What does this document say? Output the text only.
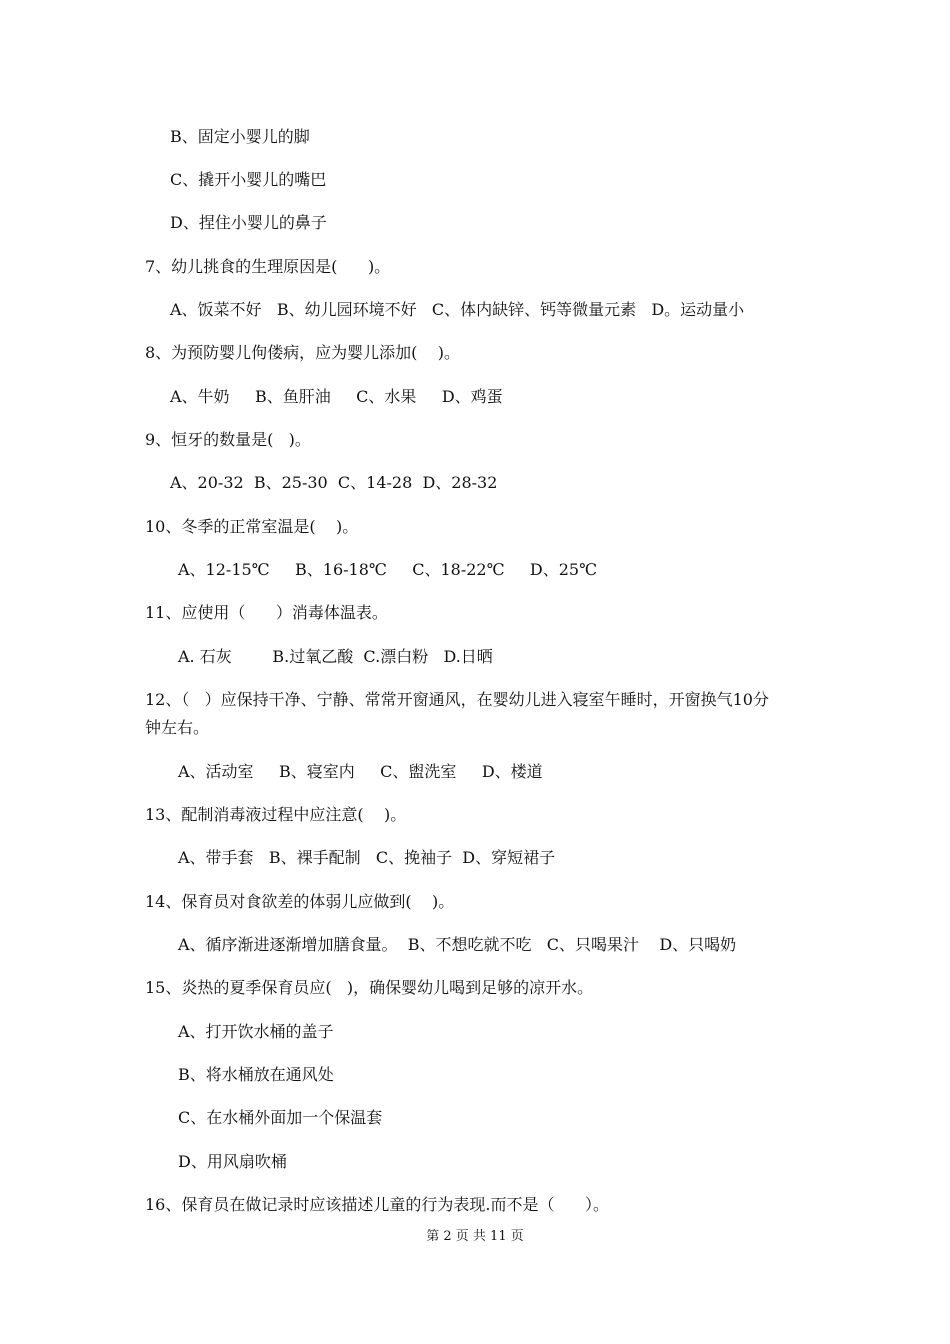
B、固定小婴儿的脚
C、撬开小婴儿的嘴巴
D、捏住小婴儿的鼻子
7、幼儿挑食的生理原因是(      )。
A、饭菜不好   B、幼儿园环境不好   C、体内缺锌、钙等微量元素   D。运动量小
8、为预防婴儿佝偻病，应为婴儿添加(    )。
A、牛奶     B、鱼肝油     C、水果     D、鸡蛋
9、恒牙的数量是(   )。
A、20-32  B、25-30  C、14-28  D、28-32
10、冬季的正常室温是(    )。
A、12-15℃     B、16-18℃     C、18-22℃     D、25℃
11、应使用（      ）消毒体温表。
A. 石灰        B.过氧乙酸  C.漂白粉   D.日晒
12、（   ）应保持干净、宁静、常常开窗通风，在婴幼儿进入寝室午睡时，开窗换气10分
钟左右。
A、活动室     B、寝室内     C、盥洗室     D、楼道
13、配制消毒液过程中应注意(    )。
A、带手套   B、裸手配制   C、挽袖子  D、穿短裙子
14、保育员对食欲差的体弱儿应做到(    )。
A、循序渐进逐渐增加膳食量。  B、不想吃就不吃   C、只喝果汁    D、只喝奶
15、炎热的夏季保育员应(   )，确保婴幼儿喝到足够的凉开水。
A、打开饮水桶的盖子
B、将水桶放在通风处
C、在水桶外面加一个保温套
D、用风扇吹桶
16、保育员在做记录时应该描述儿童的行为表现.而不是（      ）。
第 2 页 共 11 页
